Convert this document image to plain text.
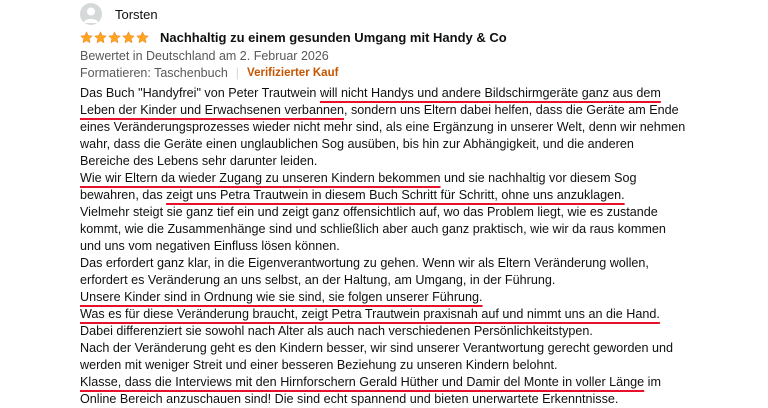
Torsten
Nachhaltig zu einem gesunden Umgang mit Handy & Co
Bewertet in Deutschland am 2. Februar 2026
Formatieren: Taschenbuch | Verifizierter Kauf
Das Buch "Handyfrei" von Peter Trautwein will nicht Handys und andere Bildschirmgeräte ganz aus dem
Leben der Kinder und Erwachsenen verbannen, sondern uns Eltern dabei helfen, dass die Geräte am Ende
eines Veränderungsprozesses wieder nicht mehr sind, als eine Ergänzung in unserer Welt, denn wir nehmen
wahr, dass die Geräte einen unglaublichen Sog ausüben, bis hin zur Abhängigkeit, und die anderen
Bereiche des Lebens sehr darunter leiden.
Wie wir Eltern da wieder Zugang zu unseren Kindern bekommen und sie nachhaltig vor diesem Sog
bewahren, das zeigt uns Petra Trautwein in diesem Buch Schritt für Schritt, ohne uns anzuklagen.
Vielmehr steigt sie ganz tief ein und zeigt ganz offensichtlich auf, wo das Problem liegt, wie es zustande
kommt, wie die Zusammenhänge sind und schließlich aber auch ganz praktisch, wie wir da raus kommen
und uns vom negativen Einfluss lösen können.
Das erfordert ganz klar, in die Eigenverantwortung zu gehen. Wenn wir als Eltern Veränderung wollen,
erfordert es Veränderung an uns selbst, an der Haltung, am Umgang, in der Führung.
Unsere Kinder sind in Ordnung wie sie sind, sie folgen unserer Führung.
Was es für diese Veränderung braucht, zeigt Petra Trautwein praxisnah auf und nimmt uns an die Hand.
Dabei differenziert sie sowohl nach Alter als auch nach verschiedenen Persönlichkeitstypen.
Nach der Veränderung geht es den Kindern besser, wir sind unserer Verantwortung gerecht geworden und
werden mit weniger Streit und einer besseren Beziehung zu unseren Kindern belohnt.
Klasse, dass die Interviews mit den Hirnforschern Gerald Hüther und Damir del Monte in voller Länge im
Online Bereich anzuschauen sind! Die sind echt spannend und bieten unerwartete Erkenntnisse.
